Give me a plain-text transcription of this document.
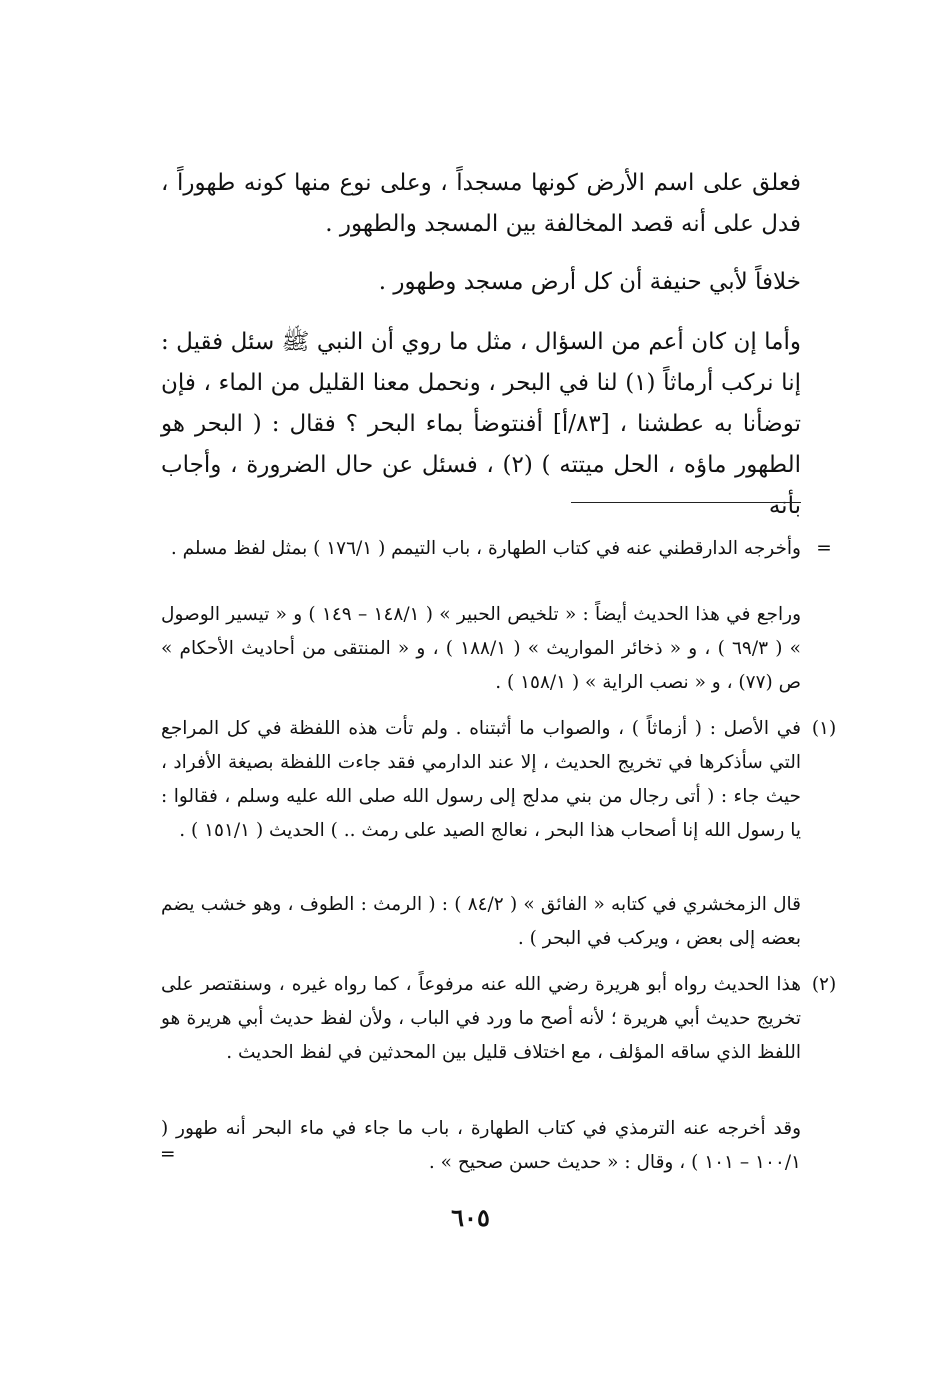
فعلق على اسم الأرض كونها مسجداً ، وعلى نوع منها كونه طهوراً ، فدل على أنه قصد المخالفة بين المسجد والطهور .

خلافاً لأبي حنيفة أن كل أرض مسجد وطهور .

وأما إن كان أعم من السؤال ، مثل ما روي أن النبي ﷺ سئل فقيل : إنا نركب أرماثاً (١) لنا في البحر ، ونحمل معنا القليل من الماء ، فإن توضأنا به عطشنا ، [٨٣/أ] أفنتوضأ بماء البحر ؟ فقال : ( البحر هو الطهور ماؤه ، الحل ميتته ) (٢) ، فسئل عن حال الضرورة ، وأجاب بأنه

=
وأخرجه الدارقطني عنه في كتاب الطهارة ، باب التيمم ( ١٧٦/١ ) بمثل لفظ مسلم .
وراجع في هذا الحديث أيضاً : « تلخيص الحبير » ( ١٤٨/١ – ١٤٩ ) و « تيسير الوصول » ( ٦٩/٣ ) ، و « ذخائر المواريث » ( ١٨٨/١ ) ، و « المنتقى من أحاديث الأحكام » ص (٧٧) ، و « نصب الراية » ( ١٥٨/١ ) .
(١)
في الأصل : ( أزماثاً ) ، والصواب ما أثبتناه . ولم تأت هذه اللفظة في كل المراجع التي سأذكرها في تخريج الحديث ، إلا عند الدارمي فقد جاءت اللفظة بصيغة الأفراد ، حيث جاء : ( أتى رجال من بني مدلج إلى رسول الله صلى الله عليه وسلم ، فقالوا : يا رسول الله إنا أصحاب هذا البحر ، نعالج الصيد على رمث .. ) الحديث ( ١٥١/١ ) .
قال الزمخشري في كتابه « الفائق » ( ٨٤/٢ ) : ( الرمث : الطوف ، وهو خشب يضم بعضه إلى بعض ، ويركب في البحر ) .
(٢)
هذا الحديث رواه أبو هريرة رضي الله عنه مرفوعاً ، كما رواه غيره ، وسنقتصر على تخريج حديث أبي هريرة ؛ لأنه أصح ما ورد في الباب ، ولأن لفظ حديث أبي هريرة هو اللفظ الذي ساقه المؤلف ، مع اختلاف قليل بين المحدثين في لفظ الحديث .
وقد أخرجه عنه الترمذي في كتاب الطهارة ، باب ما جاء في ماء البحر أنه طهور ( ١٠٠/١ – ١٠١ ) ، وقال : « حديث حسن صحيح » .
=
٦٠٥
